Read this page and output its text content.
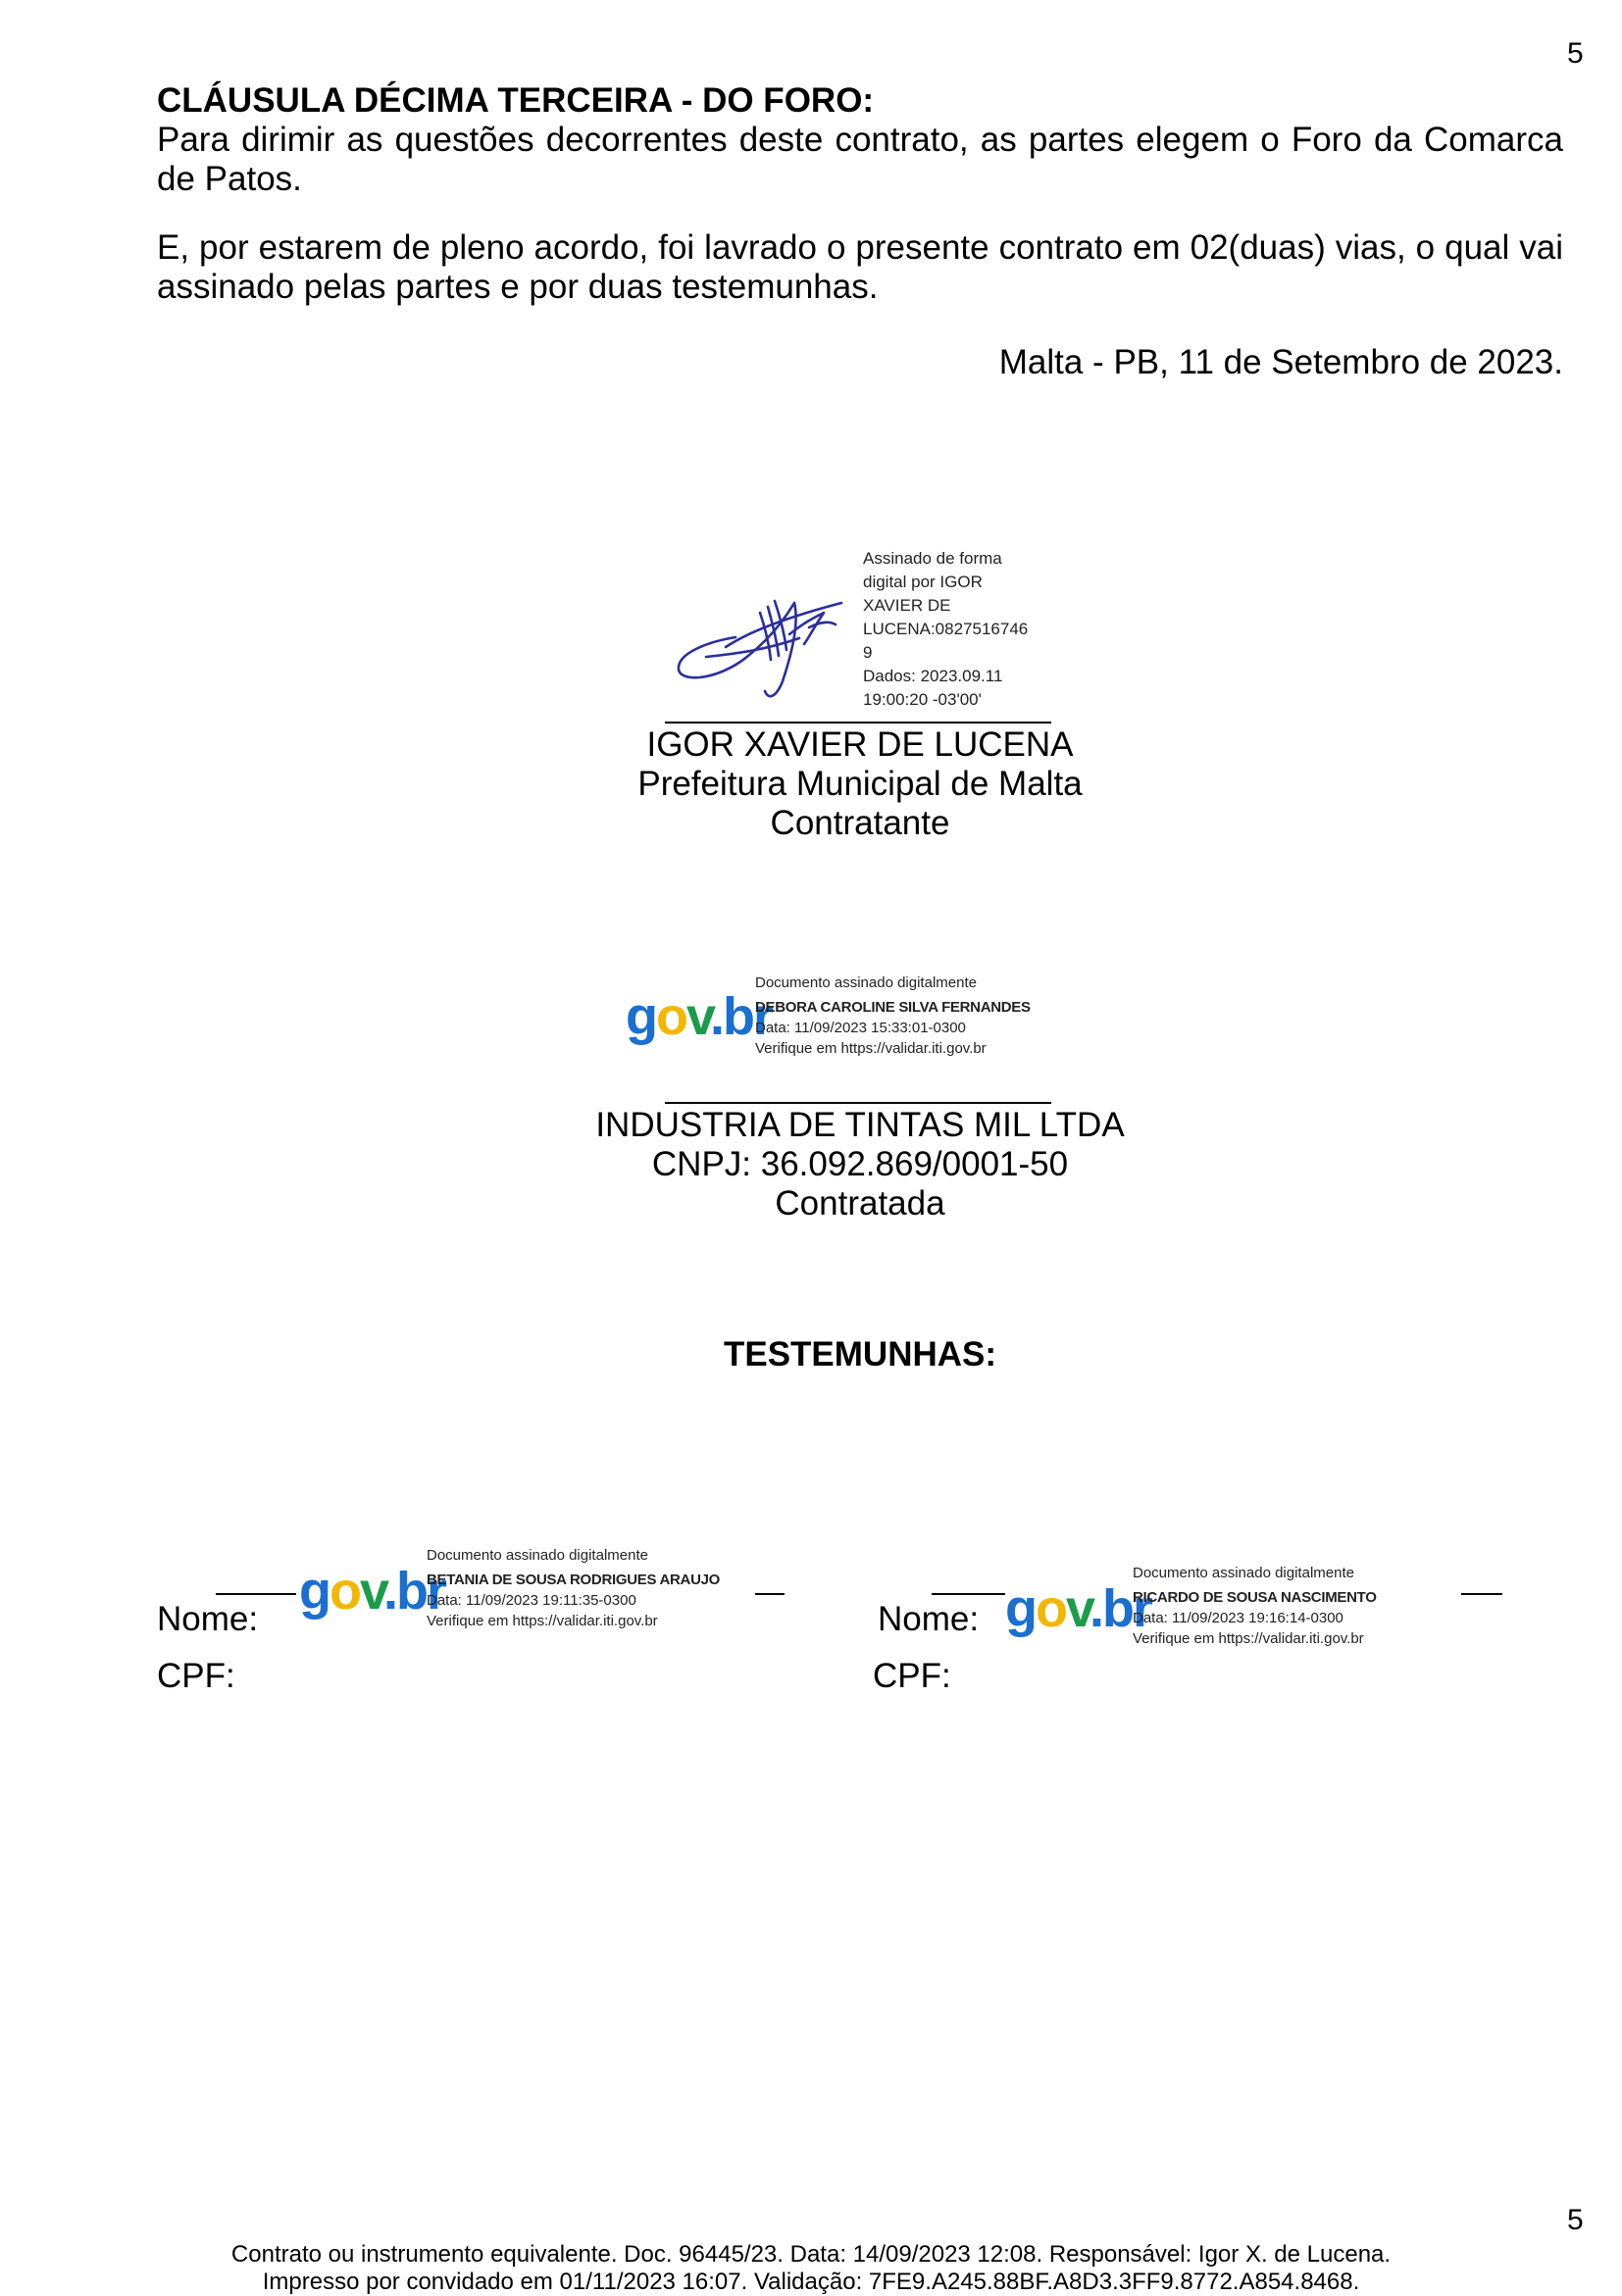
5
CLÁUSULA DÉCIMA TERCEIRA - DO FORO:
Para dirimir as questões decorrentes deste contrato, as partes elegem o Foro da Comarca de Patos.
E, por estarem de pleno acordo, foi lavrado o presente contrato em 02(duas) vias, o qual vai assinado pelas partes e por duas testemunhas.
Malta - PB, 11 de Setembro de 2023.
Assinado de forma
digital por IGOR
XAVIER DE
LUCENA:0827516746
9
Dados: 2023.09.11
19:00:20 -03'00'
IGOR XAVIER DE LUCENA
Prefeitura Municipal de Malta
Contratante
gov.br
Documento assinado digitalmente
DEBORA CAROLINE SILVA FERNANDES
Data: 11/09/2023 15:33:01-0300
Verifique em https://validar.iti.gov.br
INDUSTRIA DE TINTAS MIL LTDA
CNPJ: 36.092.869/0001-50
Contratada
TESTEMUNHAS:
gov.br
Documento assinado digitalmente
BETANIA DE SOUSA RODRIGUES ARAUJO
Data: 11/09/2023 19:11:35-0300
Verifique em https://validar.iti.gov.br
Nome:
CPF:
gov.br
Documento assinado digitalmente
RICARDO DE SOUSA NASCIMENTO
Data: 11/09/2023 19:16:14-0300
Verifique em https://validar.iti.gov.br
Nome:
CPF:
5
Contrato ou instrumento equivalente. Doc. 96445/23. Data: 14/09/2023 12:08. Responsável: Igor X. de Lucena.
Impresso por convidado em 01/11/2023 16:07. Validação: 7FE9.A245.88BF.A8D3.3FF9.8772.A854.8468.
